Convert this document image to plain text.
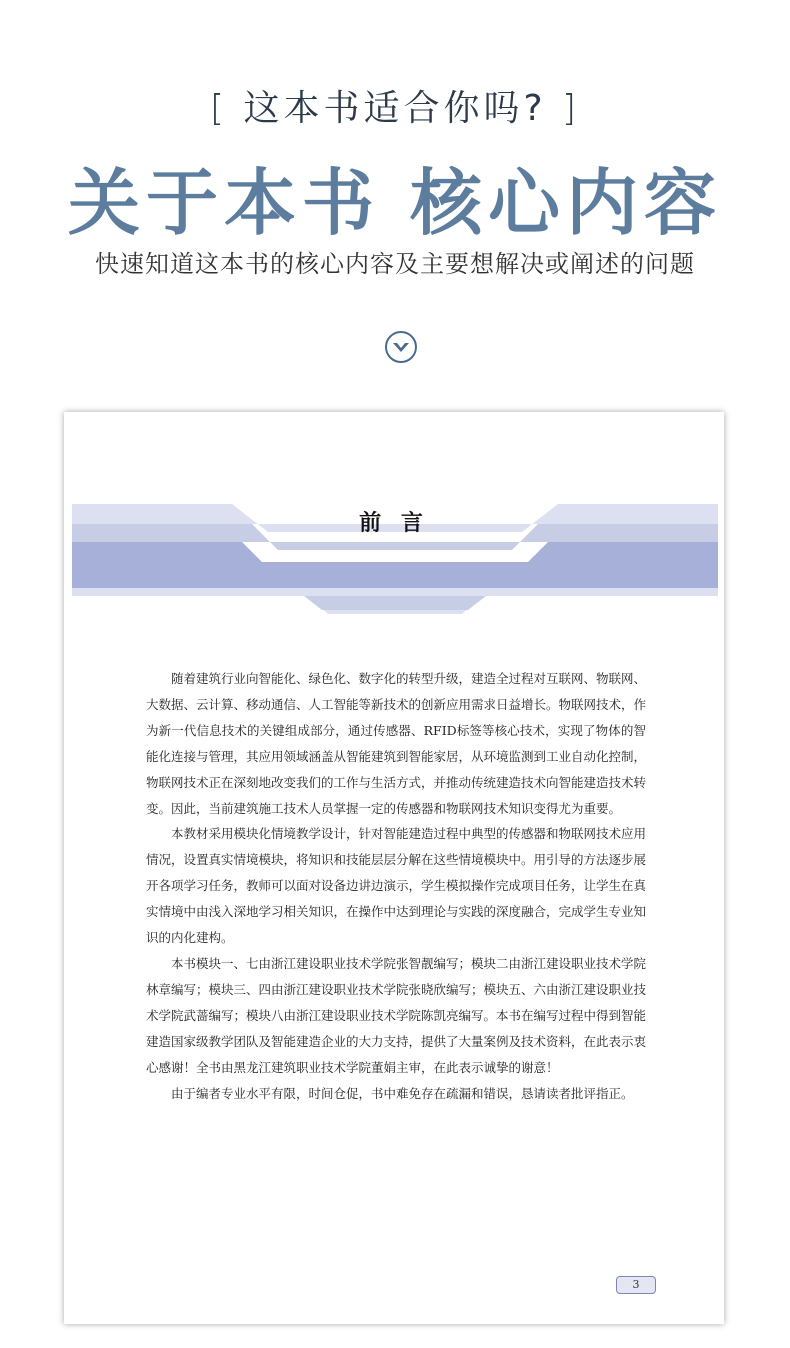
[ 这本书适合你吗? ]
关于本书 核心内容
快速知道这本书的核心内容及主要想解决或阐述的问题
前 言

随着建筑行业向智能化、绿色化、数字化的转型升级，建造全过程对互联网、物联网、大数据、云计算、移动通信、人工智能等新技术的创新应用需求日益增长。物联网技术，作为新一代信息技术的关键组成部分，通过传感器、RFID标签等核心技术，实现了物体的智能化连接与管理，其应用领域涵盖从智能建筑到智能家居，从环境监测到工业自动化控制，物联网技术正在深刻地改变我们的工作与生活方式，并推动传统建造技术向智能建造技术转变。因此，当前建筑施工技术人员掌握一定的传感器和物联网技术知识变得尤为重要。

本教材采用模块化情境教学设计，针对智能建造过程中典型的传感器和物联网技术应用情况，设置真实情境模块，将知识和技能层层分解在这些情境模块中。用引导的方法逐步展开各项学习任务，教师可以面对设备边讲边演示，学生模拟操作完成项目任务，让学生在真实情境中由浅入深地学习相关知识，在操作中达到理论与实践的深度融合，完成学生专业知识的内化建构。

本书模块一、七由浙江建设职业技术学院张智靓编写；模块二由浙江建设职业技术学院林章编写；模块三、四由浙江建设职业技术学院张晓欣编写；模块五、六由浙江建设职业技术学院武蔷编写；模块八由浙江建设职业技术学院陈凯亮编写。本书在编写过程中得到智能建造国家级教学团队及智能建造企业的大力支持，提供了大量案例及技术资料，在此表示衷心感谢！全书由黑龙江建筑职业技术学院董娟主审，在此表示诚挚的谢意！

由于编者专业水平有限，时间仓促，书中难免存在疏漏和错误，恳请读者批评指正。

3
